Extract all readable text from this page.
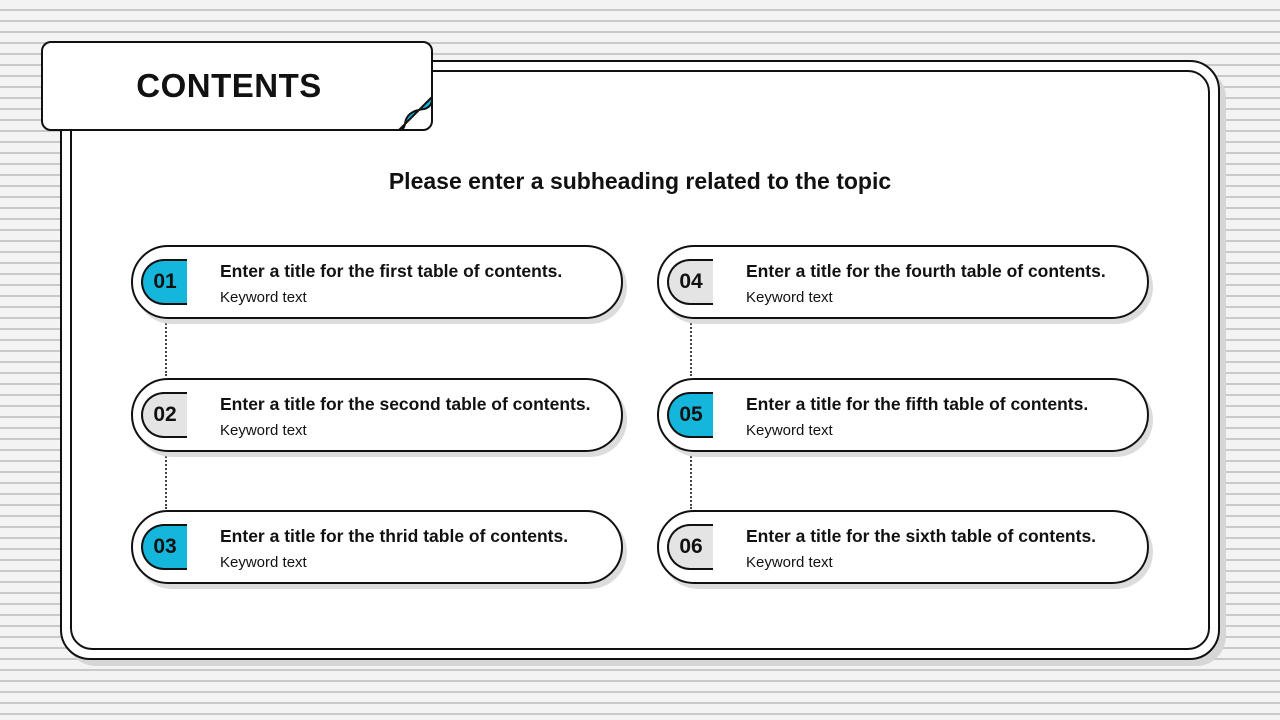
CONTENTS
Please enter a subheading related to the topic
01	Enter a title for the first table of contents.
Keyword text
02	Enter a title for the second table of contents.
Keyword text
03	Enter a title for the thrid table of contents.
Keyword text
04	Enter a title for the fourth table of contents.
Keyword text
05	Enter a title for the fifth table of contents.
Keyword text
06	Enter a title for the sixth table of contents.
Keyword text
